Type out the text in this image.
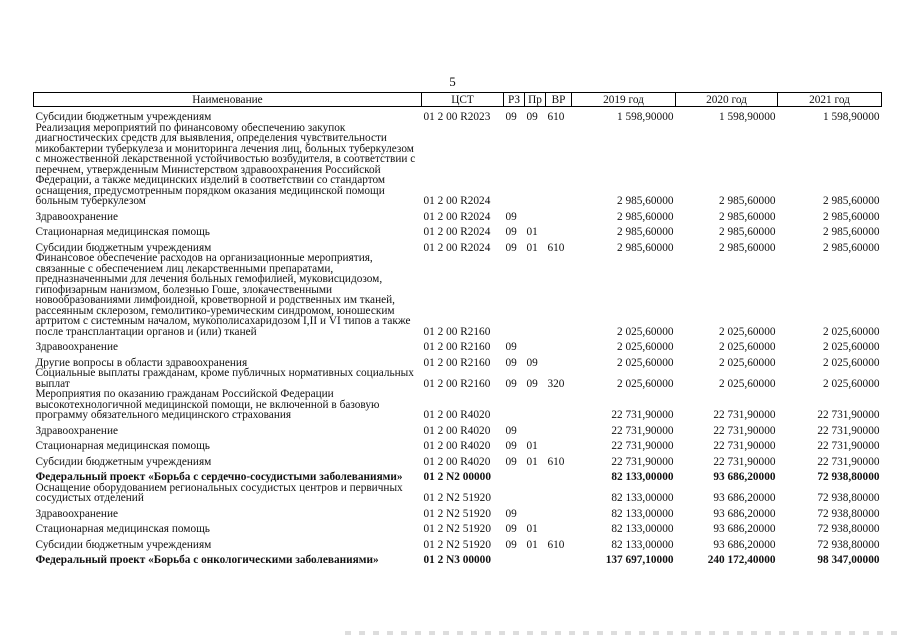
5
Наименование	ЦСТ	РЗ	Пр	ВР	2019 год	2020 год	2021 год
Субсидии бюджетным учреждениям	01 2 00 R2023	09	09	610	1 598,90000	1 598,90000	1 598,90000
Реализация мероприятий по финансовому обеспечению закупок диагностических средств для выявления, определения чувствительности микобактерии туберкулеза и мониторинга лечения лиц, больных туберкулезом с множественной лекарственной устойчивостью возбудителя, в соответствии с перечнем, утвержденным Министерством здравоохранения Российской Федерации, а также медицинских изделий в соответствии со стандартом оснащения, предусмотренным порядком оказания медицинской помощи больным туберкулезом	01 2 00 R2024				2 985,60000	2 985,60000	2 985,60000
Здравоохранение	01 2 00 R2024	09			2 985,60000	2 985,60000	2 985,60000
Стационарная медицинская помощь	01 2 00 R2024	09	01		2 985,60000	2 985,60000	2 985,60000
Субсидии бюджетным учреждениям	01 2 00 R2024	09	01	610	2 985,60000	2 985,60000	2 985,60000
Финансовое обеспечение расходов на организационные мероприятия, связанные с обеспечением лиц лекарственными препаратами, предназначенными для лечения больных гемофилией, муковисцидозом, гипофизарным нанизмом, болезнью Гоше, злокачественными новообразованиями лимфоидной, кроветворной и родственных им тканей, рассеянным склерозом, гемолитико-уремическим синдромом, юношеским артритом с системным началом, мукополисахаридозом I,II и VI типов а также после трансплантации органов и (или) тканей	01 2 00 R2160				2 025,60000	2 025,60000	2 025,60000
Здравоохранение	01 2 00 R2160	09			2 025,60000	2 025,60000	2 025,60000
Другие вопросы в области здравоохранения	01 2 00 R2160	09	09		2 025,60000	2 025,60000	2 025,60000
Социальные выплаты гражданам, кроме публичных нормативных социальных выплат	01 2 00 R2160	09	09	320	2 025,60000	2 025,60000	2 025,60000
Мероприятия по оказанию гражданам Российской Федерации высокотехнологичной медицинской помощи, не включенной в базовую программу обязательного медицинского страхования	01 2 00 R4020				22 731,90000	22 731,90000	22 731,90000
Здравоохранение	01 2 00 R4020	09			22 731,90000	22 731,90000	22 731,90000
Стационарная медицинская помощь	01 2 00 R4020	09	01		22 731,90000	22 731,90000	22 731,90000
Субсидии бюджетным учреждениям	01 2 00 R4020	09	01	610	22 731,90000	22 731,90000	22 731,90000
Федеральный проект «Борьба с сердечно-сосудистыми заболеваниями»	01 2 N2 00000				82 133,00000	93 686,20000	72 938,80000
Оснащение оборудованием региональных сосудистых центров и первичных сосудистых отделений	01 2 N2 51920				82 133,00000	93 686,20000	72 938,80000
Здравоохранение	01 2 N2 51920	09			82 133,00000	93 686,20000	72 938,80000
Стационарная медицинская помощь	01 2 N2 51920	09	01		82 133,00000	93 686,20000	72 938,80000
Субсидии бюджетным учреждениям	01 2 N2 51920	09	01	610	82 133,00000	93 686,20000	72 938,80000
Федеральный проект «Борьба с онкологическими заболеваниями»	01 2 N3 00000				137 697,10000	240 172,40000	98 347,00000
